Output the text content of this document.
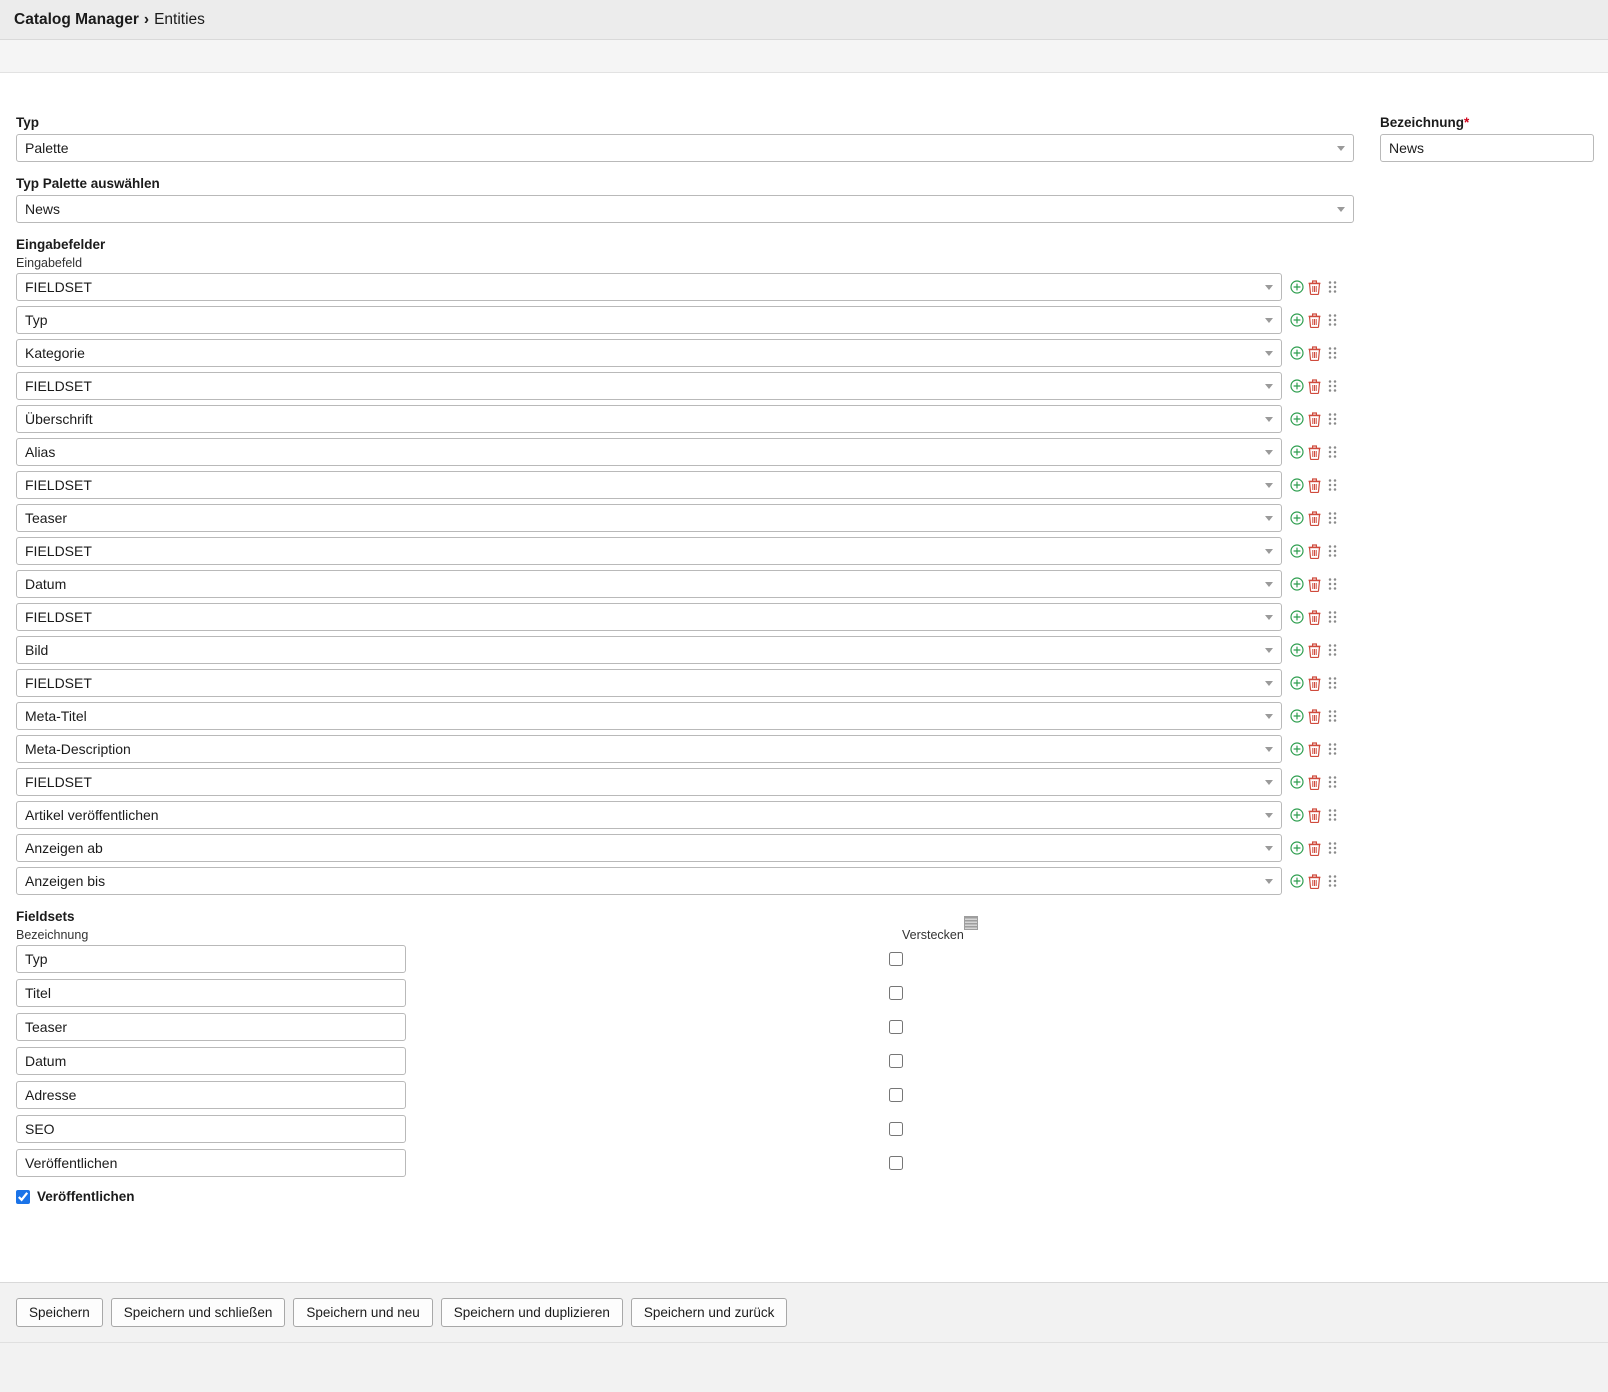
Catalog Manager › Entities
Typ
Palette
Typ Palette auswählen
News
Bezeichnung*
News
Eingabefelder
Eingabefeld
FIELDSET
Typ
Kategorie
FIELDSET
Überschrift
Alias
FIELDSET
Teaser
FIELDSET
Datum
FIELDSET
Bild
FIELDSET
Meta-Titel
Meta-Description
FIELDSET
Artikel veröffentlichen
Anzeigen ab
Anzeigen bis
Fieldsets
Bezeichnung	Verstecken
Typ
Titel
Teaser
Datum
Adresse
SEO
Veröffentlichen
Veröffentlichen
Speichern	Speichern und schließen	Speichern und neu	Speichern und duplizieren	Speichern und zurück
